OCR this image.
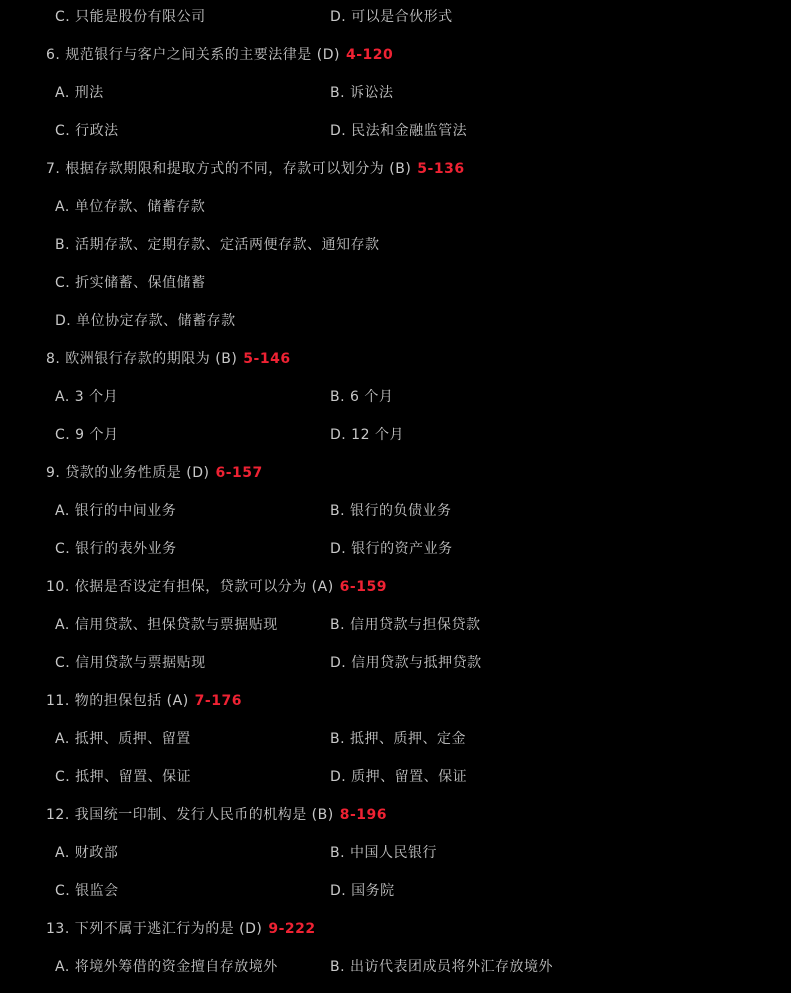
C. 只能是股份有限公司	D. 可以是合伙形式
6. 规范银行与客户之间关系的主要法律是 (D) 4-120
A. 刑法	B. 诉讼法
C. 行政法	D. 民法和金融监管法
7. 根据存款期限和提取方式的不同，存款可以划分为 (B) 5-136
A. 单位存款、储蓄存款
B. 活期存款、定期存款、定活两便存款、通知存款
C. 折实储蓄、保值储蓄
D. 单位协定存款、储蓄存款
8. 欧洲银行存款的期限为 (B) 5-146
A. 3 个月	B. 6 个月
C. 9 个月	D. 12 个月
9. 贷款的业务性质是 (D) 6-157
A. 银行的中间业务	B. 银行的负债业务
C. 银行的表外业务	D. 银行的资产业务
10. 依据是否设定有担保，贷款可以分为 (A) 6-159
A. 信用贷款、担保贷款与票据贴现	B. 信用贷款与担保贷款
C. 信用贷款与票据贴现	D. 信用贷款与抵押贷款
11. 物的担保包括 (A) 7-176
A. 抵押、质押、留置	B. 抵押、质押、定金
C. 抵押、留置、保证	D. 质押、留置、保证
12. 我国统一印制、发行人民币的机构是 (B) 8-196
A. 财政部	B. 中国人民银行
C. 银监会	D. 国务院
13. 下列不属于逃汇行为的是 (D) 9-222
A. 将境外筹借的资金擅自存放境外	B. 出访代表团成员将外汇存放境外
